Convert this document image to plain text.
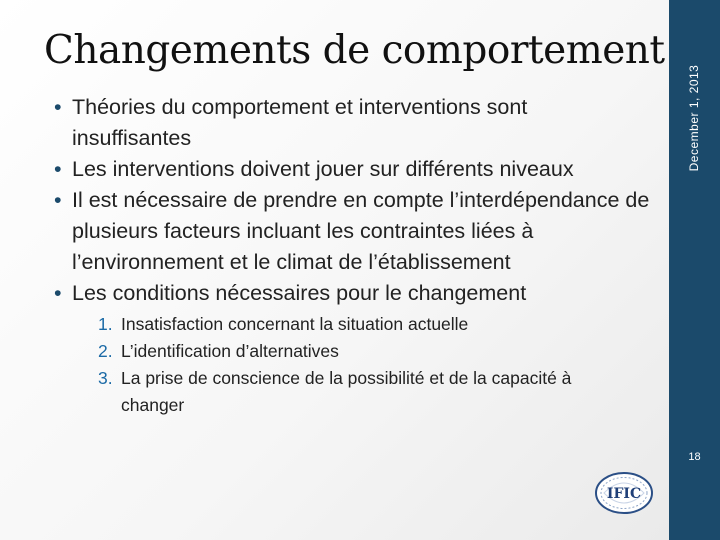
December 1, 2013
18
Changements de comportement
• Théories du comportement et interventions sont insuffisantes
• Les interventions doivent jouer sur différents niveaux
• Il est nécessaire de prendre en compte l’interdépendance de plusieurs facteurs incluant les contraintes liées à l’environnement et le climat de l’établissement
• Les conditions nécessaires pour le changement
1. Insatisfaction concernant la situation actuelle
2. L’identification d’alternatives
3. La prise de conscience de la possibilité et de la capacité à changer
IFIC
